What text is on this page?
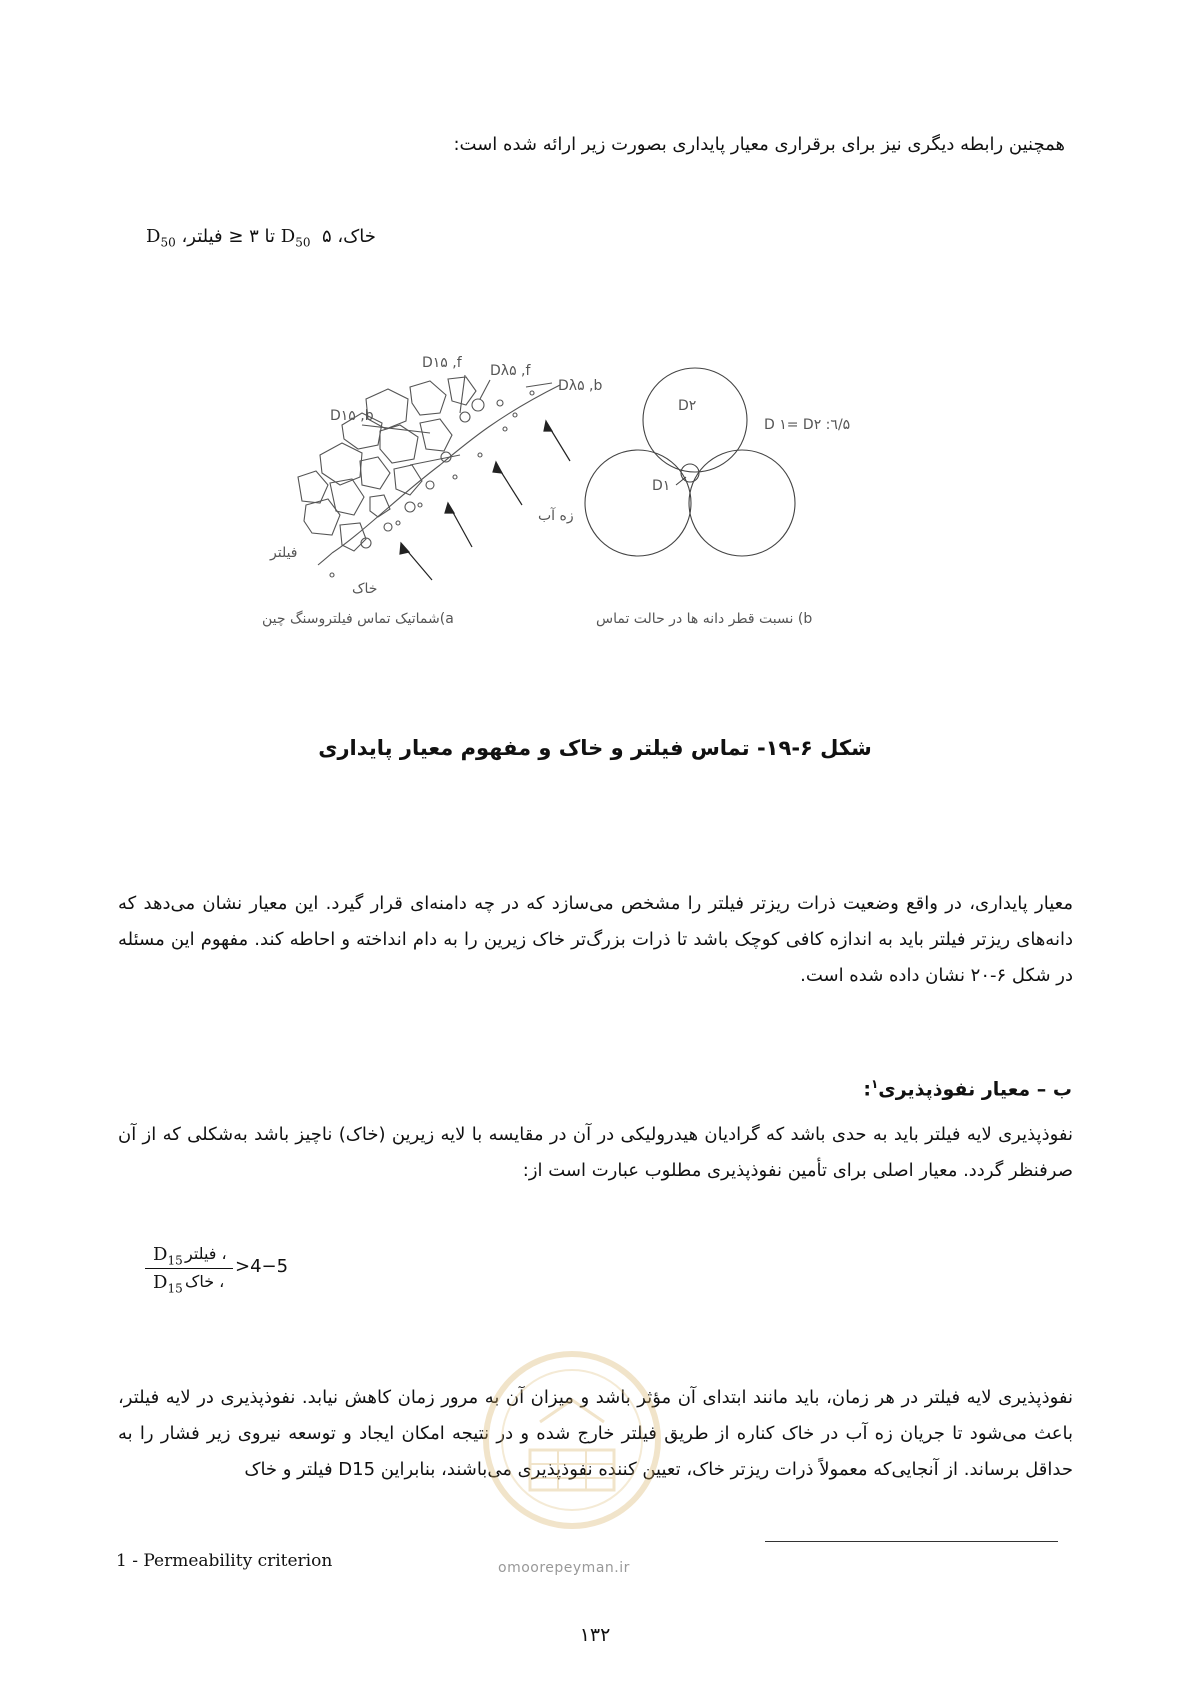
همچنین رابطه دیگری نیز برای برقراری معیار پایداری بصورت زیر ارائه شده است:
خاک، $D_{50}$  ۵ تا ۳ ≤ فیلتر، $D_{50}$
D۱۵ ,f Dλ۵ ,f
Dλ۵ ,b
D۱۵ ,b
زه آب
فیلتر
خاک
شماتیک تماس فیلتروسنگ چین(a
D۲
D۱
D ۱= D۲ :٦/۵
نسبت قطر دانه ها در حالت تماس (b
شکل ۶-۱۹- تماس فیلتر و خاک و مفهوم معیار پایداری
معیار پایداری، در واقع وضعیت ذرات ریزتر فیلتر را مشخص می‌سازد که در چه دامنه‌ای قرار گیرد. این معیار نشان می‌دهد که دانه‌های ریزتر فیلتر باید به اندازه کافی کوچک باشد تا ذرات بزرگ‌تر خاک زیرین را به دام انداخته و احاطه کند. مفهوم این مسئله در شکل ۶-۲۰ نشان داده شده است.
ب – معیار نفوذپذیری$^۱$:
نفوذپذیری لایه فیلتر باید به حدی باشد که گرادیان هیدرولیکی در آن در مقایسه با لایه زیرین (خاک) ناچیز باشد به‌شکلی که از آن صرفنظر گردد. معیار اصلی برای تأمین نفوذپذیری مطلوب عبارت است از:
$D_{15}$ ، فیلتر
$D_{15}$ ، خاک
>4−5
نفوذپذیری لایه فیلتر در هر زمان، باید مانند ابتدای آن مؤثر باشد و میزان آن به مرور زمان کاهش نیابد. نفوذپذیری در لایه فیلتر، باعث می‌شود تا جریان زه آب در خاک کناره از طریق فیلتر خارج شده و در نتیجه امکان ایجاد و توسعه نیروی زیر فشار را به حداقل برساند. از آنجایی‌که معمولاً ذرات ریزتر خاک، تعیین کننده نفوذپذیری می‌باشند، بنابراین D15 فیلتر و خاک
omoorepeyman.ir
1 - Permeability criterion
۱۳۲
